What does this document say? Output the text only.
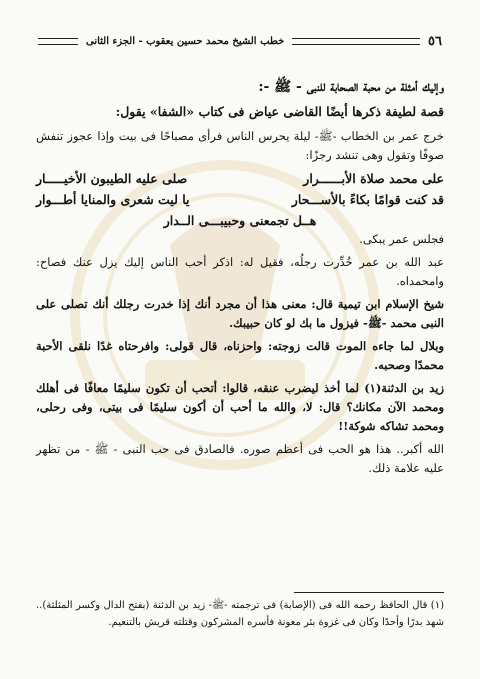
٥٦
خطب الشيخ محمد حسين يعقوب - الجزء الثانى
وإليك أمثلة من محبة الصحابة للنبى - ﷺ -:
قصة لطيفة ذكرها أيضًا القاضى عياض فى كتاب «الشفا» يقول:

خرج عمر بن الخطاب -ﷺ- ليلة يحرس الناس فرأى مصباحًا فى بيت وإذا عجوز تنفش صوفًا وتقول وهى تنشد رجزًا:

على محمد صلاة الأبــــــرار
صلى عليه الطيبون الأخيـــــار
قد كنت قوامًا بكاءً بالأســـحار
يا ليت شعرى والمنايا أطـــوار
هــل تجمعنى وحبيبـــى الــدار

فجلس عمر يبكى.

عبد الله بن عمر خُدِّرت رجلُه، فقيل له: اذكر أحب الناس إليك يزل عنك فصاح: وامحمداه.

شيخ الإسلام ابن تيمية قال: معنى هذا أن مجرد أنك إذا خدرت رجلك أنك تصلى على النبى محمد -ﷺ- فيزول ما بك لو كان حبيبك.

وبلال لما جاءه الموت قالت زوجته: واحزناه، قال قولى: وافرحتاه غدًا نلقى الأحبة محمدًا وصحبه.

زيد بن الدثنة(١) لما أخذ ليضرب عنقه، قالوا: أتحب أن تكون سليمًا معافًا فى أهلك ومحمد الآن مكانك؟ قال: لا، والله ما أحب أن أكون سليمًا فى بيتى، وفى رحلى، ومحمد تشاكه شوكة!!

الله أكبر.. هذا هو الحب فى أعظم صوره. فالصادق فى حب النبى - ﷺ - من تظهر عليه علامة ذلك.

(١) قال الحافظ رحمه الله فى (الإصابة) فى ترجمته -ﷺ- زيد بن الدثنة (بفتح الدال وكسر المثلثة).. شهد بدرًا وأحدًا وكان فى غزوة بئر معونة فأسره المشركون وقتلته قريش بالتنعيم.
